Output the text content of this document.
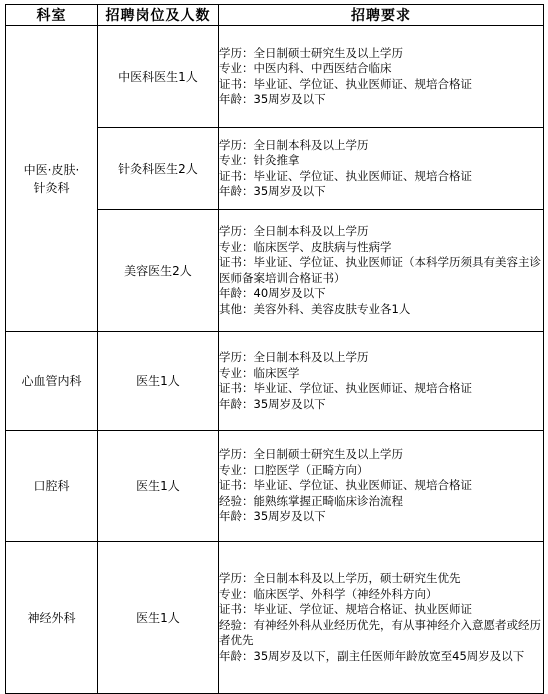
科室	招聘岗位及人数	招聘要求
中医·皮肤·
针灸科	中医科医生1人	学历：全日制硕士研究生及以上学历
专业：中医内科、中西医结合临床
证书：毕业证、学位证、执业医师证、规培合格证
年龄：35周岁及以下

	针灸科医生2人	学历：全日制本科及以上学历
专业：针灸推拿
证书：毕业证、学位证、执业医师证、规培合格证
年龄：35周岁及以下

	美容医生2人	学历：全日制本科及以上学历
专业：临床医学、皮肤病与性病学
证书：毕业证、学位证、执业医师证（本科学历须具有美容主诊医师备案培训合格证书）
年龄：40周岁及以下
其他：美容外科、美容皮肤专业各1人

心血管内科	医生1人	学历：全日制本科及以上学历
专业：临床医学
证书：毕业证、学位证、执业医师证、规培合格证
年龄：35周岁及以下

口腔科	医生1人	学历：全日制硕士研究生及以上学历
专业：口腔医学（正畸方向）
证书：毕业证、学位证、执业医师证、规培合格证
经验：能熟练掌握正畸临床诊治流程
年龄：35周岁及以下

神经外科	医生1人	学历：全日制本科及以上学历，硕士研究生优先
专业：临床医学、外科学（神经外科方向）
证书：毕业证、学位证、规培合格证、执业医师证
经验：有神经外科从业经历优先，有从事神经介入意愿者或经历者优先
年龄：35周岁及以下，副主任医师年龄放宽至45周岁及以下
